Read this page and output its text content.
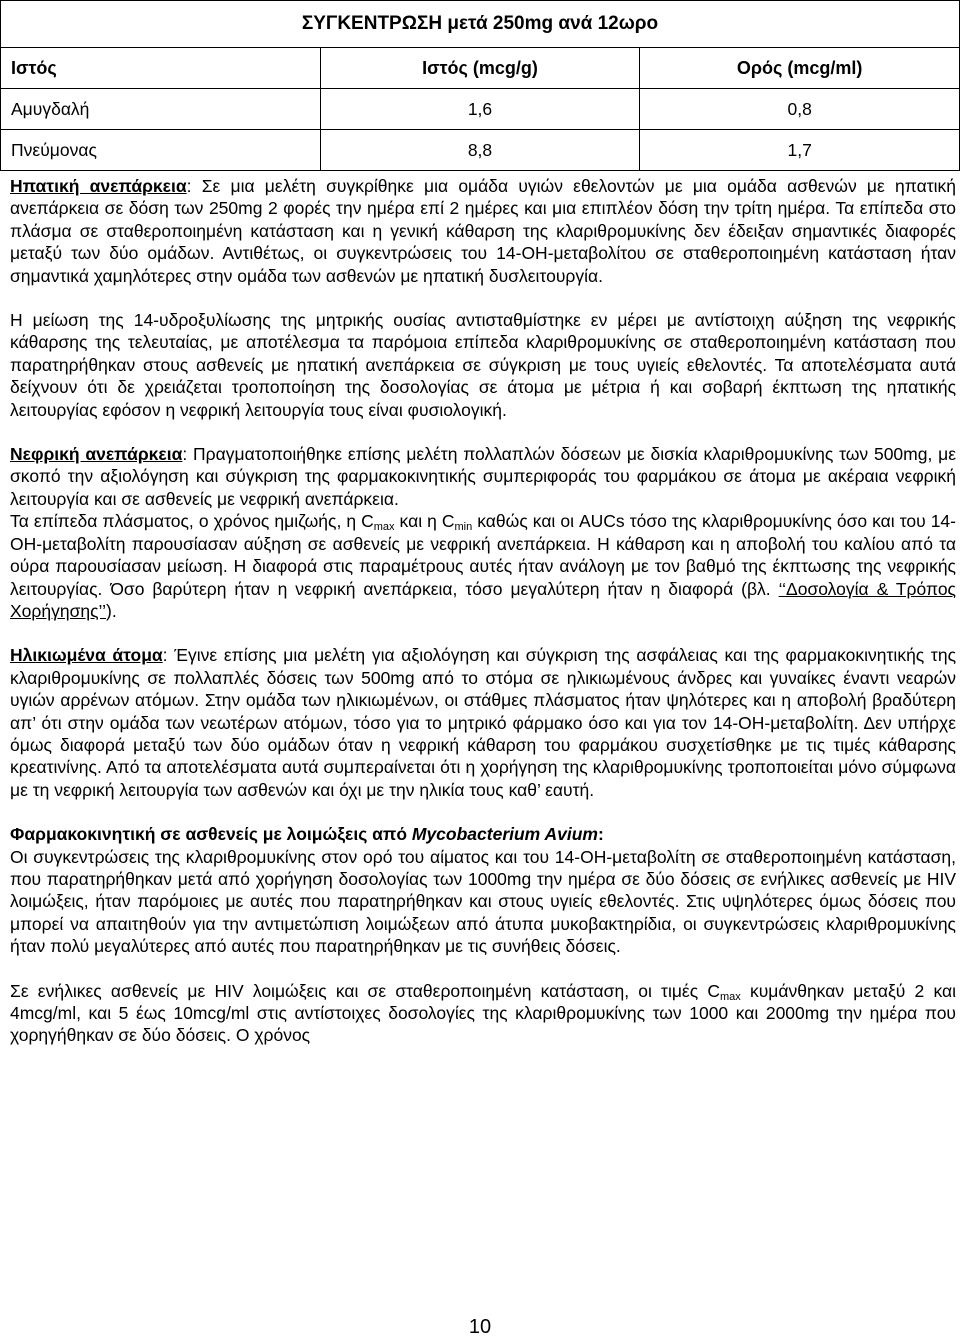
ΣΥΓΚΕΝΤΡΩΣΗ μετά 250mg ανά 12ωρο		
Ιστός	Ιστός (mcg/g)	Ορός (mcg/ml)
Αμυγδαλή	1,6	0,8
Πνεύμονας	8,8	1,7

Ηπατική ανεπάρκεια: Σε μια μελέτη συγκρίθηκε μια ομάδα υγιών εθελοντών με μια ομάδα ασθενών με ηπατική ανεπάρκεια σε δόση των 250mg 2 φορές την ημέρα επί 2 ημέρες και μια επιπλέον δόση την τρίτη ημέρα. Τα επίπεδα στο πλάσμα σε σταθεροποιημένη κατάσταση και η γενική κάθαρση της κλαριθρομυκίνης δεν έδειξαν σημαντικές διαφορές μεταξύ των δύο ομάδων. Αντιθέτως, οι συγκεντρώσεις του 14-ΟΗ-μεταβολίτου σε σταθεροποιημένη κατάσταση ήταν σημαντικά χαμηλότερες στην ομάδα των ασθενών με ηπατική δυσλειτουργία.

Η μείωση της 14-υδροξυλίωσης της μητρικής ουσίας αντισταθμίστηκε εν μέρει με αντίστοιχη αύξηση της νεφρικής κάθαρσης της τελευταίας, με αποτέλεσμα τα παρόμοια επίπεδα κλαριθρομυκίνης σε σταθεροποιημένη κατάσταση που παρατηρήθηκαν στους ασθενείς με ηπατική ανεπάρκεια σε σύγκριση με τους υγιείς εθελοντές. Τα αποτελέσματα αυτά δείχνουν ότι δε χρειάζεται τροποποίηση της δοσολογίας σε άτομα με μέτρια ή και σοβαρή έκπτωση της ηπατικής λειτουργίας εφόσον η νεφρική λειτουργία τους είναι φυσιολογική.

Νεφρική ανεπάρκεια: Πραγματοποιήθηκε επίσης μελέτη πολλαπλών δόσεων με δισκία κλαριθρομυκίνης των 500mg, με σκοπό την αξιολόγηση και σύγκριση της φαρμακοκινητικής συμπεριφοράς του φαρμάκου σε άτομα με ακέραια νεφρική λειτουργία και σε ασθενείς με νεφρική ανεπάρκεια.

Τα επίπεδα πλάσματος, ο χρόνος ημιζωής, η $C_{max}$ και η $C_{min}$ καθώς και οι AUCs τόσο της κλαριθρομυκίνης όσο και του 14-ΟΗ-μεταβολίτη παρουσίασαν αύξηση σε ασθενείς με νεφρική ανεπάρκεια. Η κάθαρση και η αποβολή του καλίου από τα ούρα παρουσίασαν μείωση. Η διαφορά στις παραμέτρους αυτές ήταν ανάλογη με τον βαθμό της έκπτωσης της νεφρικής λειτουργίας. Όσο βαρύτερη ήταν η νεφρική ανεπάρκεια, τόσο μεγαλύτερη ήταν η διαφορά (βλ. ‘‘Δοσολογία & Τρόπος Χορήγησης’’).

Ηλικιωμένα άτομα: Έγινε επίσης μια μελέτη για αξιολόγηση και σύγκριση της ασφάλειας και της φαρμακοκινητικής της κλαριθρομυκίνης σε πολλαπλές δόσεις των 500mg από το στόμα σε ηλικιωμένους άνδρες και γυναίκες έναντι νεαρών υγιών αρρένων ατόμων. Στην ομάδα των ηλικιωμένων, οι στάθμες πλάσματος ήταν ψηλότερες και η αποβολή βραδύτερη απ’ ότι στην ομάδα των νεωτέρων ατόμων, τόσο για το μητρικό φάρμακο όσο και για τον 14-ΟΗ-μεταβολίτη. Δεν υπήρχε όμως διαφορά μεταξύ των δύο ομάδων όταν η νεφρική κάθαρση του φαρμάκου συσχετίσθηκε με τις τιμές κάθαρσης κρεατινίνης. Από τα αποτελέσματα αυτά συμπεραίνεται ότι η χορήγηση της κλαριθρομυκίνης τροποποιείται μόνο σύμφωνα με τη νεφρική λειτουργία των ασθενών και όχι με την ηλικία τους καθ’ εαυτή.

Φαρμακοκινητική σε ασθενείς με λοιμώξεις από Mycobacterium Avium:

Οι συγκεντρώσεις της κλαριθρομυκίνης στον ορό του αίματος και του 14-ΟΗ-μεταβολίτη σε σταθεροποιημένη κατάσταση, που παρατηρήθηκαν μετά από χορήγηση δοσολογίας των 1000mg την ημέρα σε δύο δόσεις σε ενήλικες ασθενείς με HIV λοιμώξεις, ήταν παρόμοιες με αυτές που παρατηρήθηκαν και στους υγιείς εθελοντές. Στις υψηλότερες όμως δόσεις που μπορεί να απαιτηθούν για την αντιμετώπιση λοιμώξεων από άτυπα μυκοβακτηρίδια, οι συγκεντρώσεις κλαριθρομυκίνης ήταν πολύ μεγαλύτερες από αυτές που παρατηρήθηκαν με τις συνήθεις δόσεις.

Σε ενήλικες ασθενείς με HIV λοιμώξεις και σε σταθεροποιημένη κατάσταση, οι τιμές $C_{max}$ κυμάνθηκαν μεταξύ 2 και 4mcg/ml, και 5 έως 10mcg/ml στις αντίστοιχες δοσολογίες της κλαριθρομυκίνης των 1000 και 2000mg την ημέρα που χορηγήθηκαν σε δύο δόσεις. Ο χρόνος

10
